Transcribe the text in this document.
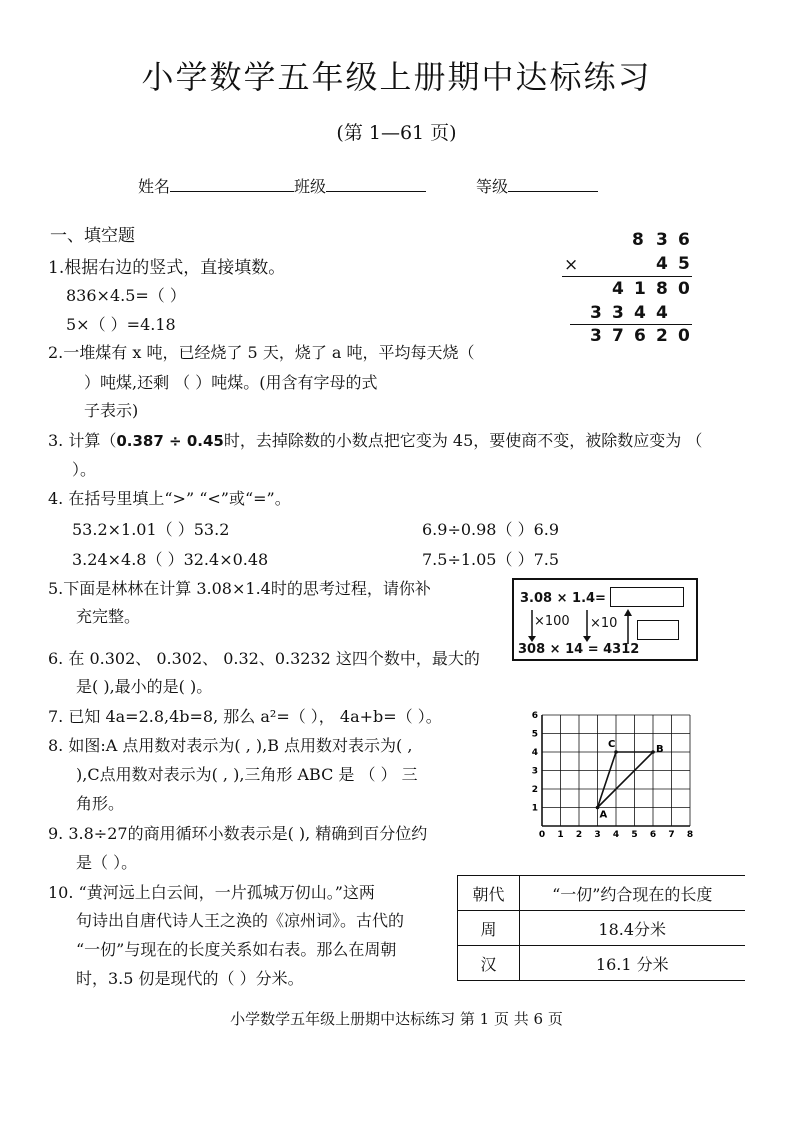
小学数学五年级上册期中达标练习
(第 1—61 页)
姓名	班级	等级
一、填空题
1.根据右边的竖式，直接填数。
836×4.5=（ ）
5×（ ）=4.18
8 3 6
×	4 5
4 1 8 0
3 3 4 4
3 7 6 2 0
2.一堆煤有 x 吨，已经烧了 5 天，烧了 a 吨，平均每天烧（
）吨煤,还剩 （ ）吨煤。(用含有字母的式
子表示)
3. 计算（0.387 ÷ 0.45时，去掉除数的小数点把它变为 45，要使商不变，被除数应变为 （
）。
4. 在括号里填上“>” “<”或“=”。
53.2×1.01（ ）53.2	6.9÷0.98（ ）6.9
3.24×4.8（ ）32.4×0.48	7.5÷1.05（ ）7.5
5.下面是林林在计算 3.08×1.4时的思考过程，请你补
充完整。
3.08 × 1.4=
×100 ×10
308 × 14 = 4312
6. 在 0.302、 0.302、 0.32、0.3232 这四个数中，最大的
是( ),最小的是( )。
7. 已知 4a=2.8,4b=8, 那么 a²=（ ）， 4a+b=（ ）。
8. 如图:A 点用数对表示为( , ),B 点用数对表示为( ,
),C点用数对表示为( , ),三角形 ABC 是 （ ） 三
角形。
0 1 2 3 4 5 6 7 8
1
2
3
4
5
6
A
B
C
9. 3.8÷27的商用循环小数表示是( ), 精确到百分位约
是（ ）。
10. “黄河远上白云间，一片孤城万仞山。”这两
句诗出自唐代诗人王之涣的《凉州词》。古代的
“一仞”与现在的长度关系如右表。那么在周朝
时，3.5 仞是现代的（ ）分米。
朝代	“一仞”约合现在的长度
周	18.4分米
汉	16.1 分米
小学数学五年级上册期中达标练习 第 1 页 共 6 页
